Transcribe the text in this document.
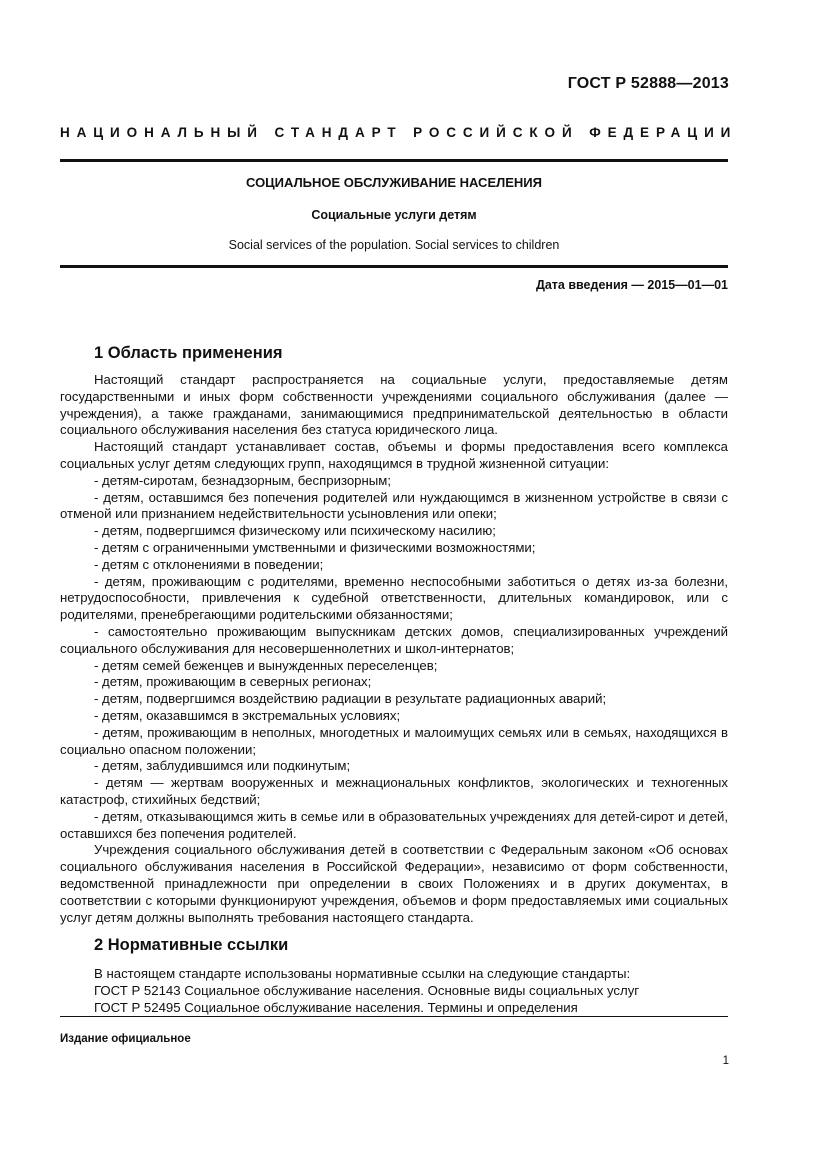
ГОСТ Р 52888—2013
НАЦИОНАЛЬНЫЙ СТАНДАРТ РОССИЙСКОЙ ФЕДЕРАЦИИ
СОЦИАЛЬНОЕ ОБСЛУЖИВАНИЕ НАСЕЛЕНИЯ
Социальные услуги детям
Social services of the population. Social services to children
Дата введения — 2015—01—01
1 Область применения

Настоящий стандарт распространяется на социальные услуги, предоставляемые детям государственными и иных форм собственности учреждениями социального обслуживания (далее — учреждения), а также гражданами, занимающимися предпринимательской деятельностью в области социального обслуживания населения без статуса юридического лица.

Настоящий стандарт устанавливает состав, объемы и формы предоставления всего комплекса социальных услуг детям следующих групп, находящимся в трудной жизненной ситуации:

- детям-сиротам, безнадзорным, беспризорным;

- детям, оставшимся без попечения родителей или нуждающимся в жизненном устройстве в связи с отменой или признанием недействительности усыновления или опеки;

- детям, подвергшимся физическому или психическому насилию;

- детям с ограниченными умственными и физическими возможностями;

- детям с отклонениями в поведении;

- детям, проживающим с родителями, временно неспособными заботиться о детях из-за болезни, нетрудоспособности, привлечения к судебной ответственности, длительных командировок, или с родителями, пренебрегающими родительскими обязанностями;

- самостоятельно проживающим выпускникам детских домов, специализированных учреждений социального обслуживания для несовершеннолетних и школ-интернатов;

- детям семей беженцев и вынужденных переселенцев;

- детям, проживающим в северных регионах;

- детям, подвергшимся воздействию радиации в результате радиационных аварий;

- детям, оказавшимся в экстремальных условиях;

- детям, проживающим в неполных, многодетных и малоимущих семьях или в семьях, находящихся в социально опасном положении;

- детям, заблудившимся или подкинутым;

- детям — жертвам вооруженных и межнациональных конфликтов, экологических и техногенных катастроф, стихийных бедствий;

- детям, отказывающимся жить в семье или в образовательных учреждениях для детей-сирот и детей, оставшихся без попечения родителей.

Учреждения социального обслуживания детей в соответствии с Федеральным законом «Об основах социального обслуживания населения в Российской Федерации», независимо от форм собственности, ведомственной принадлежности при определении в своих Положениях и в других документах, в соответствии с которыми функционируют учреждения, объемов и форм предоставляемых ими социальных услуг детям должны выполнять требования настоящего стандарта.

2 Нормативные ссылки

В настоящем стандарте использованы нормативные ссылки на следующие стандарты:

ГОСТ Р 52143 Социальное обслуживание населения. Основные виды социальных услуг

ГОСТ Р 52495 Социальное обслуживание населения. Термины и определения

Издание официальное
1
